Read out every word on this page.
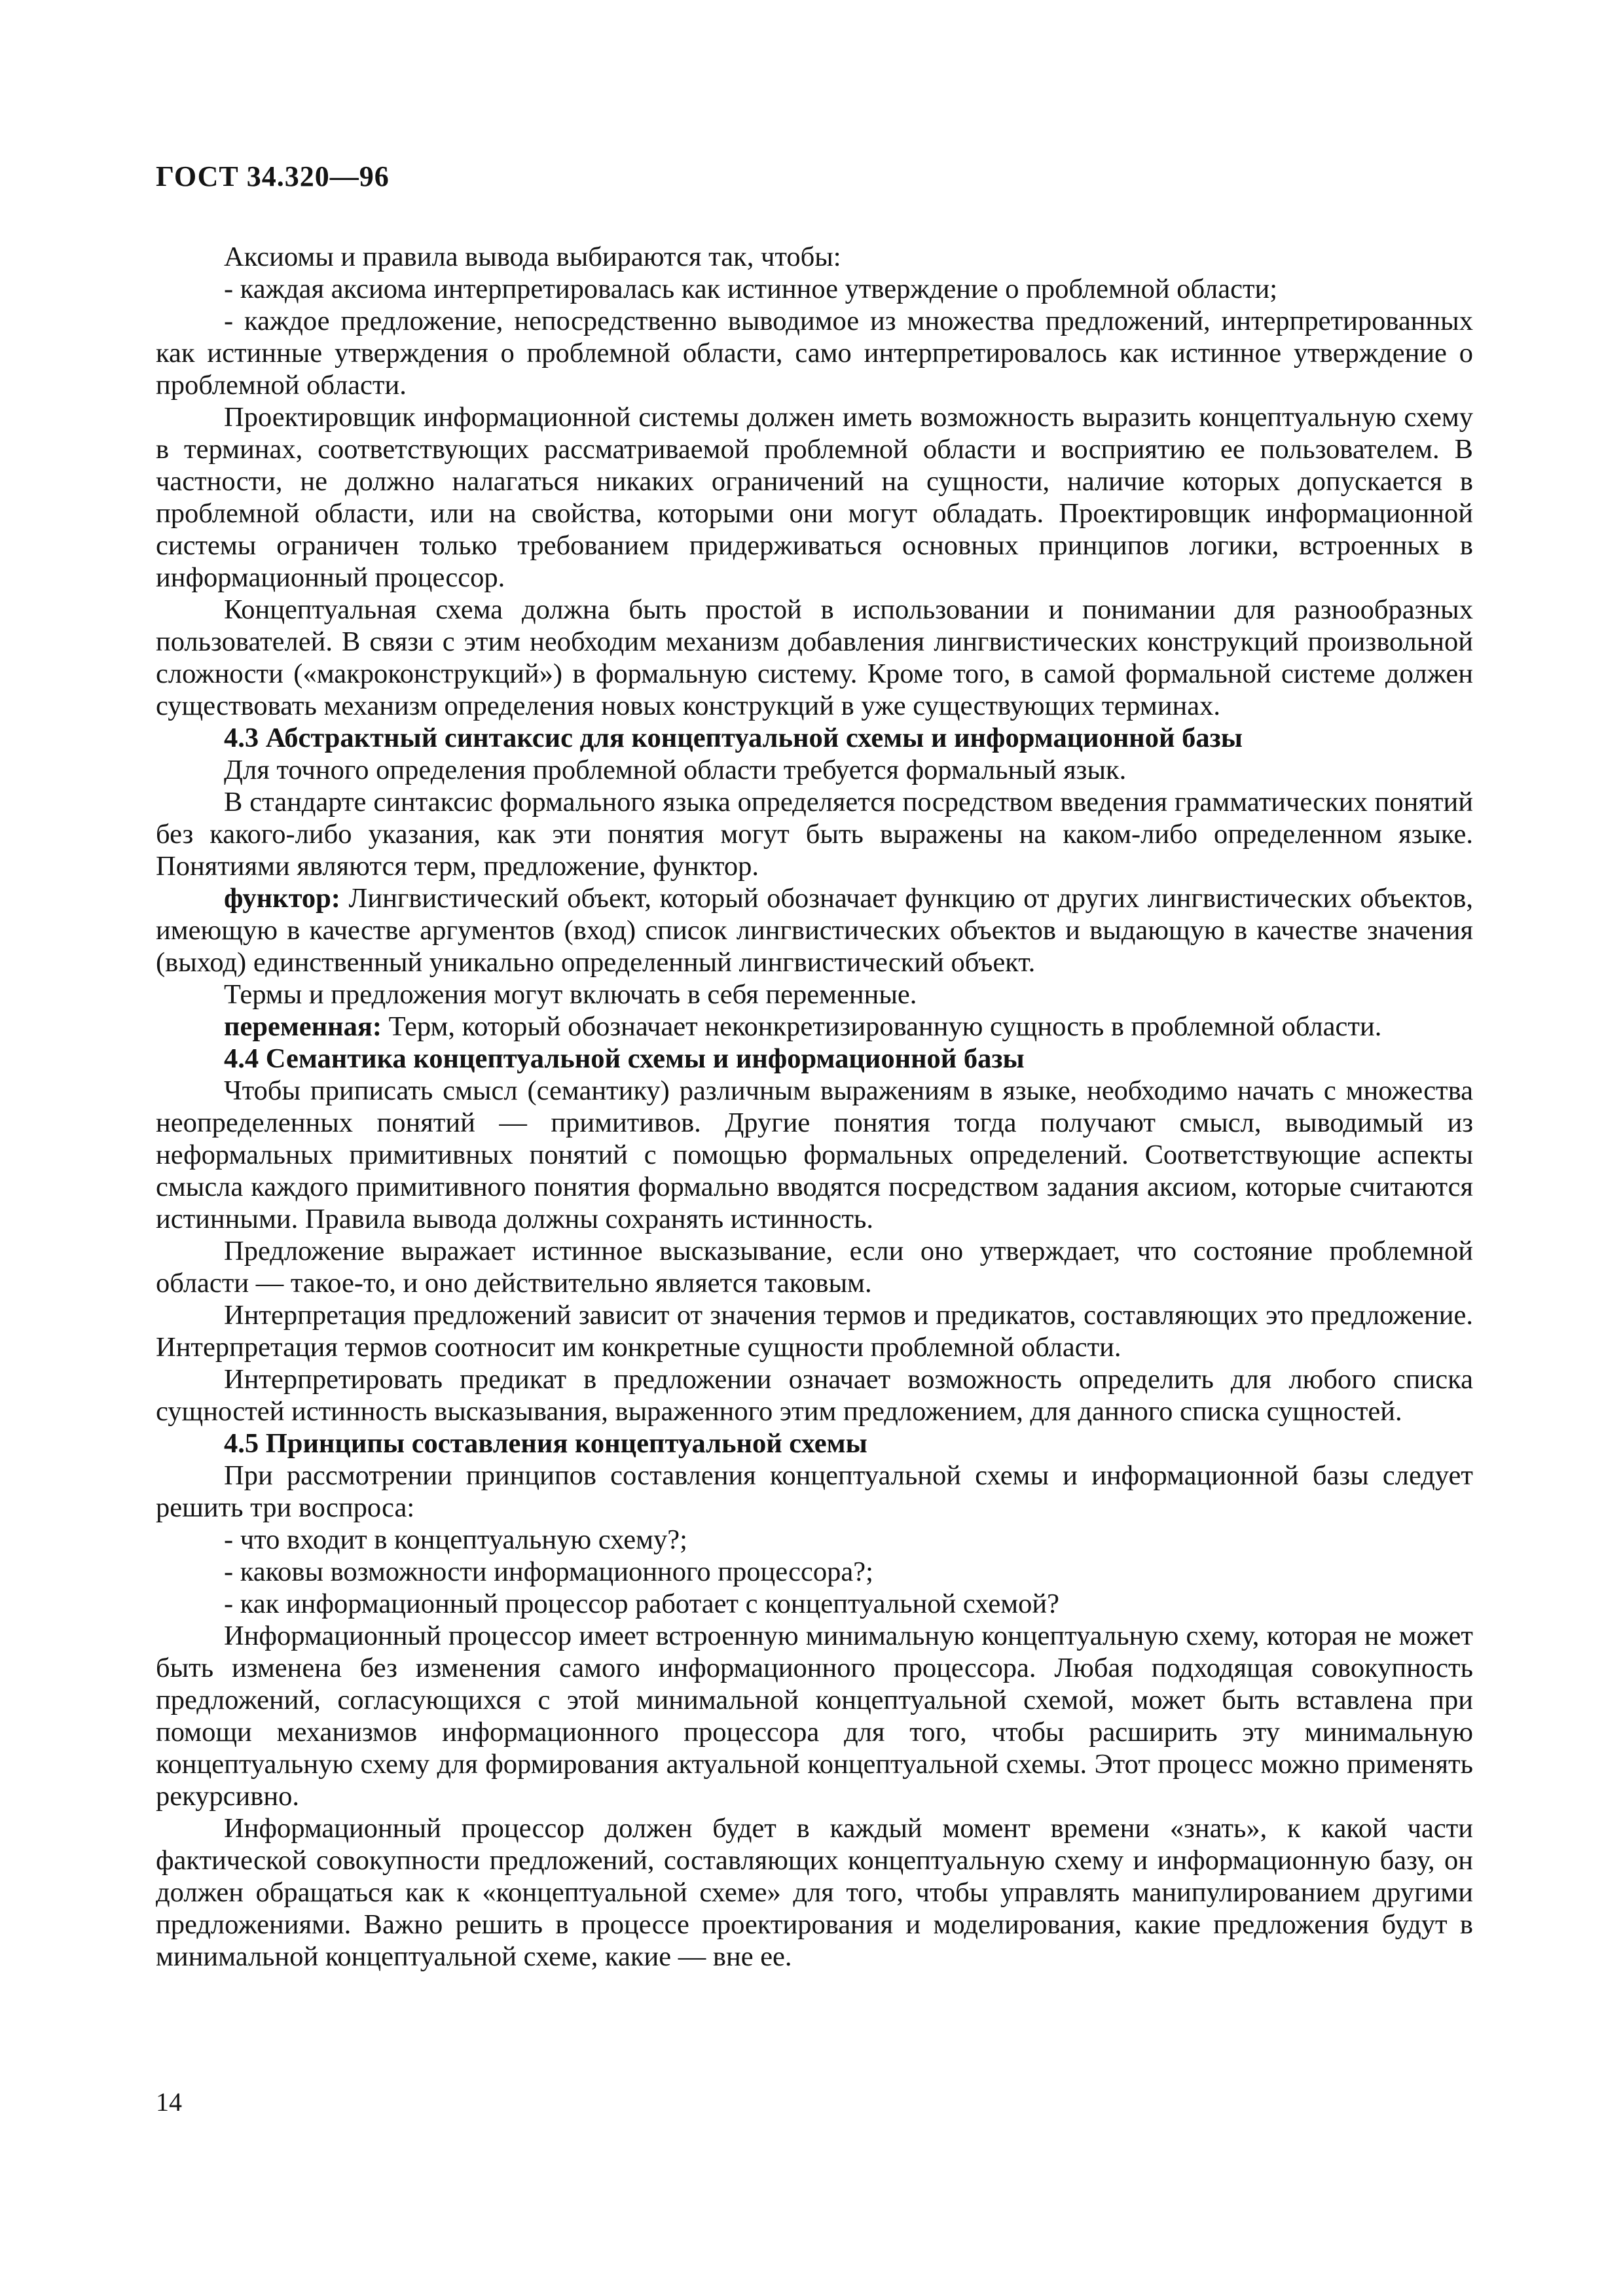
ГОСТ 34.320—96

Аксиомы и правила вывода выбираются так, чтобы:

- каждая аксиома интерпретировалась как истинное утверждение о проблемной области;

- каждое предложение, непосредственно выводимое из множества предложений, интерпретированных как истинные утверждения о проблемной области, само интерпретировалось как истинное утверждение о проблемной области.

Проектировщик информационной системы должен иметь возможность выразить концептуальную схему в терминах, соответствующих рассматриваемой проблемной области и восприятию ее пользователем. В частности, не должно налагаться никаких ограничений на сущности, наличие которых допускается в проблемной области, или на свойства, которыми они могут обладать. Проектировщик информационной системы ограничен только требованием придерживаться основных принципов логики, встроенных в информационный процессор.

Концептуальная схема должна быть простой в использовании и понимании для разнообразных пользователей. В связи с этим необходим механизм добавления лингвистических конструкций произвольной сложности («макроконструкций») в формальную систему. Кроме того, в самой формальной системе должен существовать механизм определения новых конструкций в уже существующих терминах.

4.3 Абстрактный синтаксис для концептуальной схемы и информационной базы

Для точного определения проблемной области требуется формальный язык.

В стандарте синтаксис формального языка определяется посредством введения грамматических понятий без какого-либо указания, как эти понятия могут быть выражены на каком-либо определенном языке. Понятиями являются терм, предложение, функтор.

функтор: Лингвистический объект, который обозначает функцию от других лингвистических объектов, имеющую в качестве аргументов (вход) список лингвистических объектов и выдающую в качестве значения (выход) единственный уникально определенный лингвистический объект.

Термы и предложения могут включать в себя переменные.

переменная: Терм, который обозначает неконкретизированную сущность в проблемной области.

4.4 Семантика концептуальной схемы и информационной базы

Чтобы приписать смысл (семантику) различным выражениям в языке, необходимо начать с множества неопределенных понятий — примитивов. Другие понятия тогда получают смысл, выводимый из неформальных примитивных понятий с помощью формальных определений. Соответствующие аспекты смысла каждого примитивного понятия формально вводятся посредством задания аксиом, которые считаются истинными. Правила вывода должны сохранять истинность.

Предложение выражает истинное высказывание, если оно утверждает, что состояние проблемной области — такое-то, и оно действительно является таковым.

Интерпретация предложений зависит от значения термов и предикатов, составляющих это предложение. Интерпретация термов соотносит им конкретные сущности проблемной области.

Интерпретировать предикат в предложении означает возможность определить для любого списка сущностей истинность высказывания, выраженного этим предложением, для данного списка сущностей.

4.5 Принципы составления концептуальной схемы

При рассмотрении принципов составления концептуальной схемы и информационной базы следует решить три воспроса:

- что входит в концептуальную схему?;

- каковы возможности информационного процессора?;

- как информационный процессор работает с концептуальной схемой?

Информационный процессор имеет встроенную минимальную концептуальную схему, которая не может быть изменена без изменения самого информационного процессора. Любая подходящая совокупность предложений, согласующихся с этой минимальной концептуальной схемой, может быть вставлена при помощи механизмов информационного процессора для того, чтобы расширить эту минимальную концептуальную схему для формирования актуальной концептуальной схемы. Этот процесс можно применять рекурсивно.

Информационный процессор должен будет в каждый момент времени «знать», к какой части фактической совокупности предложений, составляющих концептуальную схему и информационную базу, он должен обращаться как к «концептуальной схеме» для того, чтобы управлять манипулированием другими предложениями. Важно решить в процессе проектирования и моделирования, какие предложения будут в минимальной концептуальной схеме, какие — вне ее.

14
